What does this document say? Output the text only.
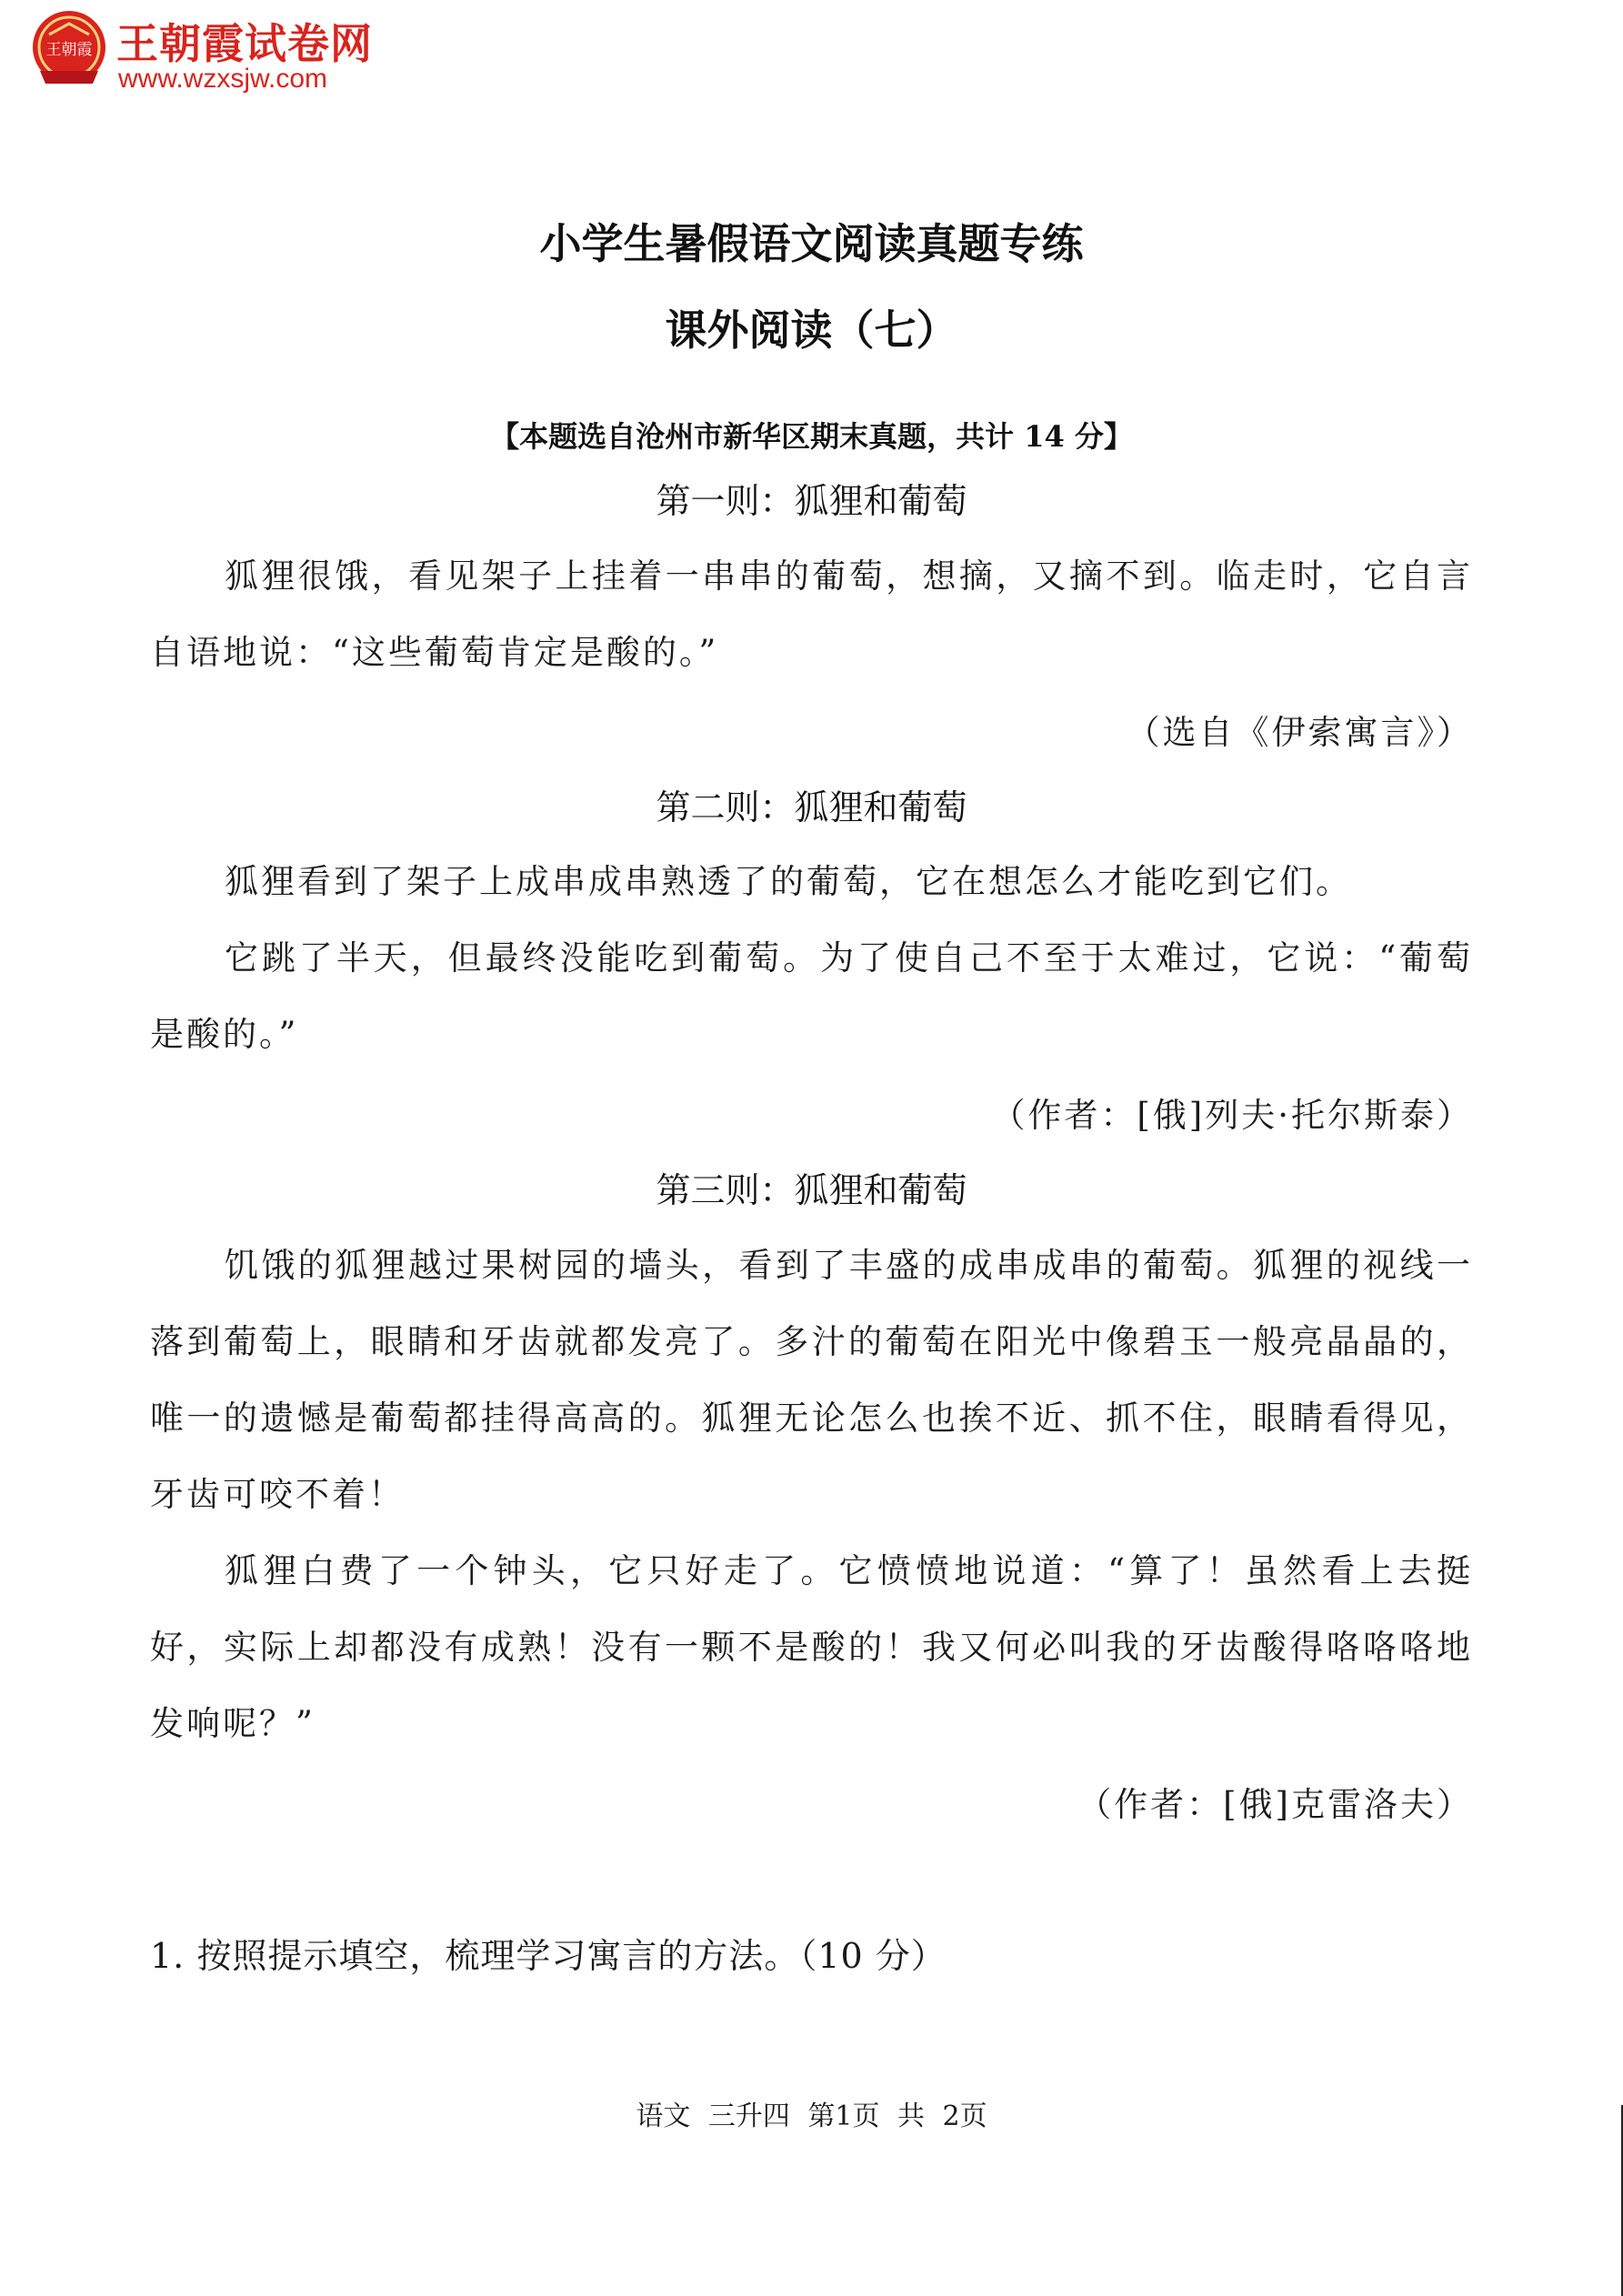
王朝霞 王朝霞试卷网
www.wzxsjw.com
小学生暑假语文阅读真题专练
课外阅读（七）
【本题选自沧州市新华区期末真题，共计 14 分】
第一则：狐狸和葡萄

狐狸很饿，看见架子上挂着一串串的葡萄，想摘，又摘不到。临走时，它自言自语地说：“这些葡萄肯定是酸的。”

（选自《伊索寓言》）
第二则：狐狸和葡萄

狐狸看到了架子上成串成串熟透了的葡萄，它在想怎么才能吃到它们。

它跳了半天，但最终没能吃到葡萄。为了使自己不至于太难过，它说：“葡萄是酸的。”

（作者：[俄]列夫·托尔斯泰）
第三则：狐狸和葡萄

饥饿的狐狸越过果树园的墙头，看到了丰盛的成串成串的葡萄。狐狸的视线一落到葡萄上，眼睛和牙齿就都发亮了。多汁的葡萄在阳光中像碧玉一般亮晶晶的，唯一的遗憾是葡萄都挂得高高的。狐狸无论怎么也挨不近、抓不住，眼睛看得见，牙齿可咬不着！

狐狸白费了一个钟头，它只好走了。它愤愤地说道：“算了！虽然看上去挺好，实际上却都没有成熟！没有一颗不是酸的！我又何必叫我的牙齿酸得咯咯咯地发响呢？”

（作者：[俄]克雷洛夫）
1. 按照提示填空，梳理学习寓言的方法。（10 分）
语文 三升四 第1页 共 2页
